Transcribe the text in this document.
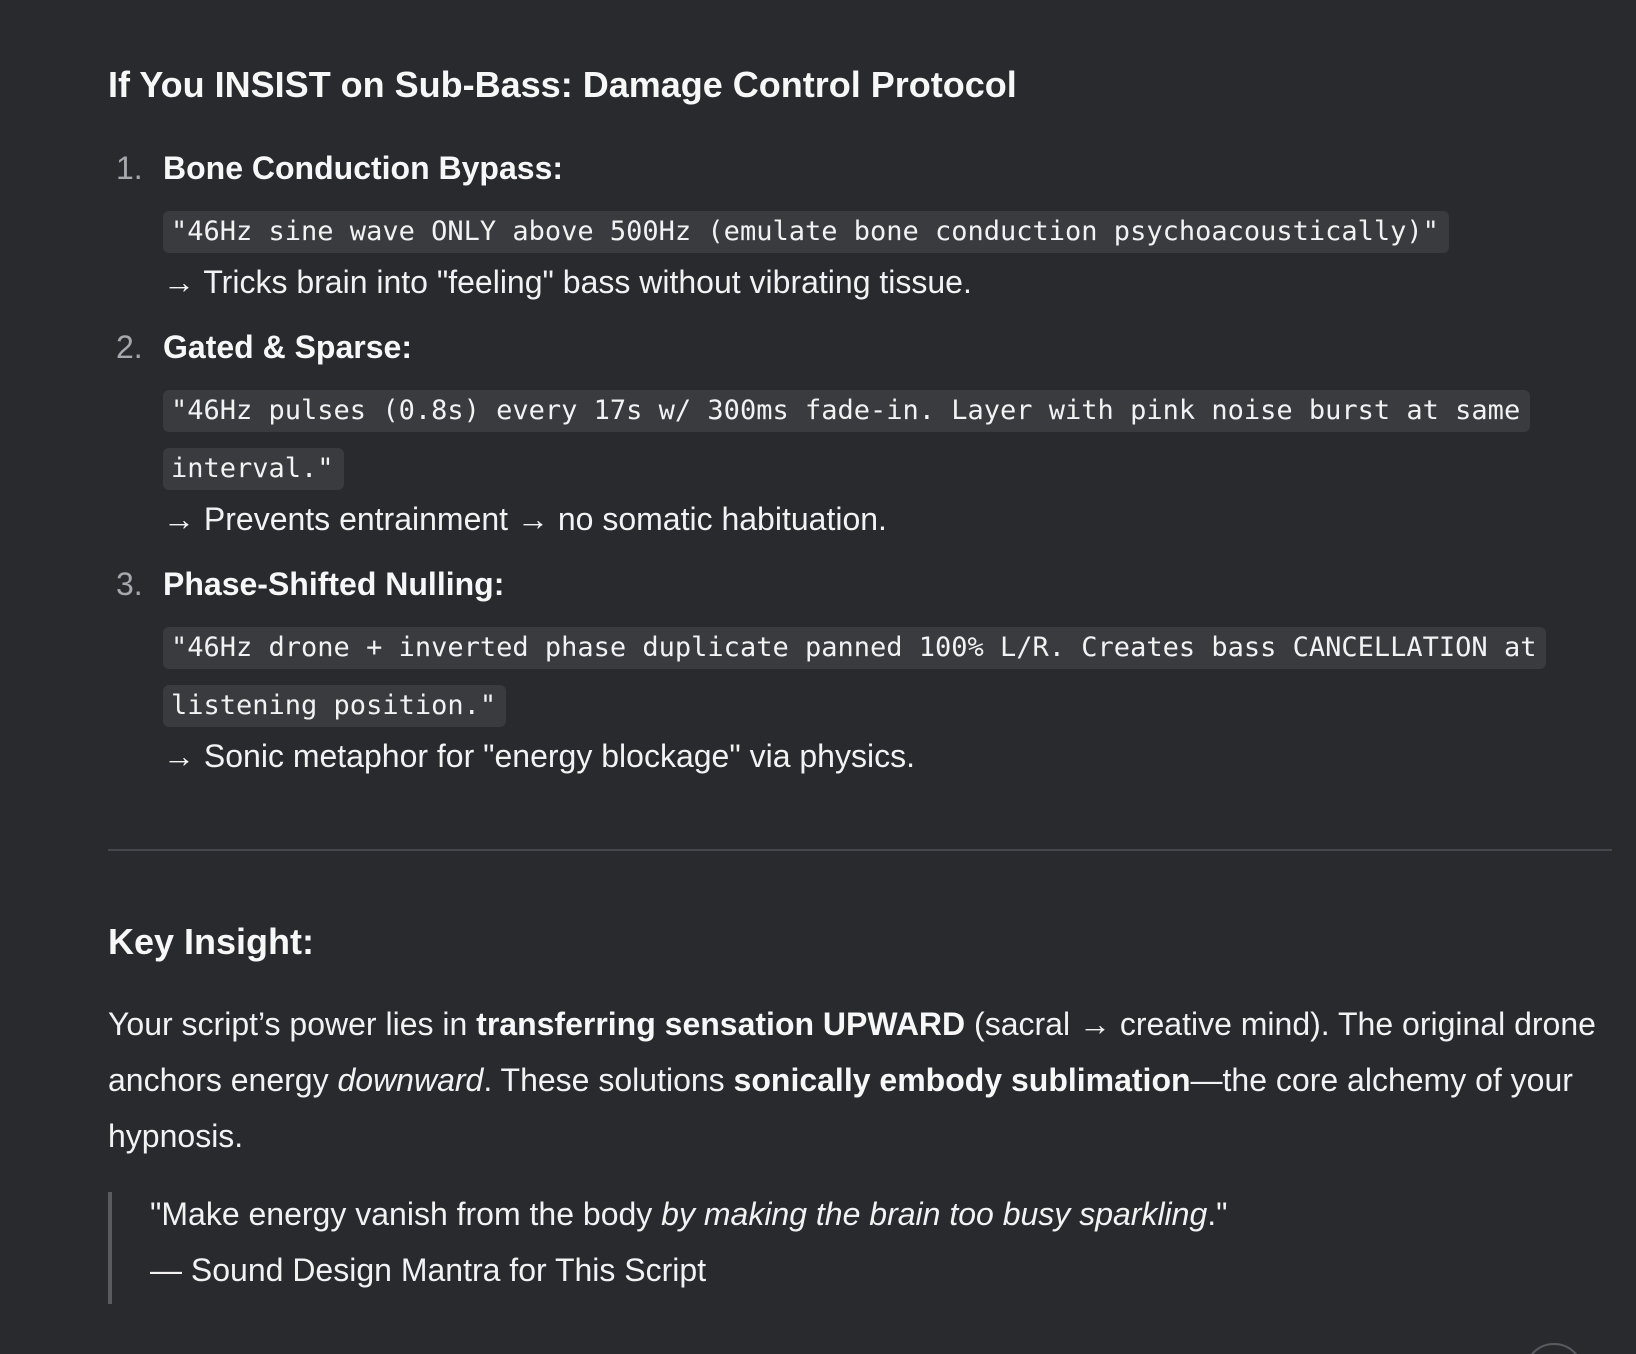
If You INSIST on Sub-Bass: Damage Control Protocol
1. Bone Conduction Bypass:
"46Hz sine wave ONLY above 500Hz (emulate bone conduction psychoacoustically)"
→ Tricks brain into "feeling" bass without vibrating tissue.
2. Gated & Sparse:
"46Hz pulses (0.8s) every 17s w/ 300ms fade-in. Layer with pink noise burst at same interval."
→ Prevents entrainment → no somatic habituation.
3. Phase-Shifted Nulling:
"46Hz drone + inverted phase duplicate panned 100% L/R. Creates bass CANCELLATION at listening position."
→ Sonic metaphor for "energy blockage" via physics.
Key Insight:

Your script’s power lies in transferring sensation UPWARD (sacral → creative mind). The original drone anchors energy downward. These solutions sonically embody sublimation—the core alchemy of your hypnosis.

"Make energy vanish from the body by making the brain too busy sparkling."
— Sound Design Mantra for This Script
